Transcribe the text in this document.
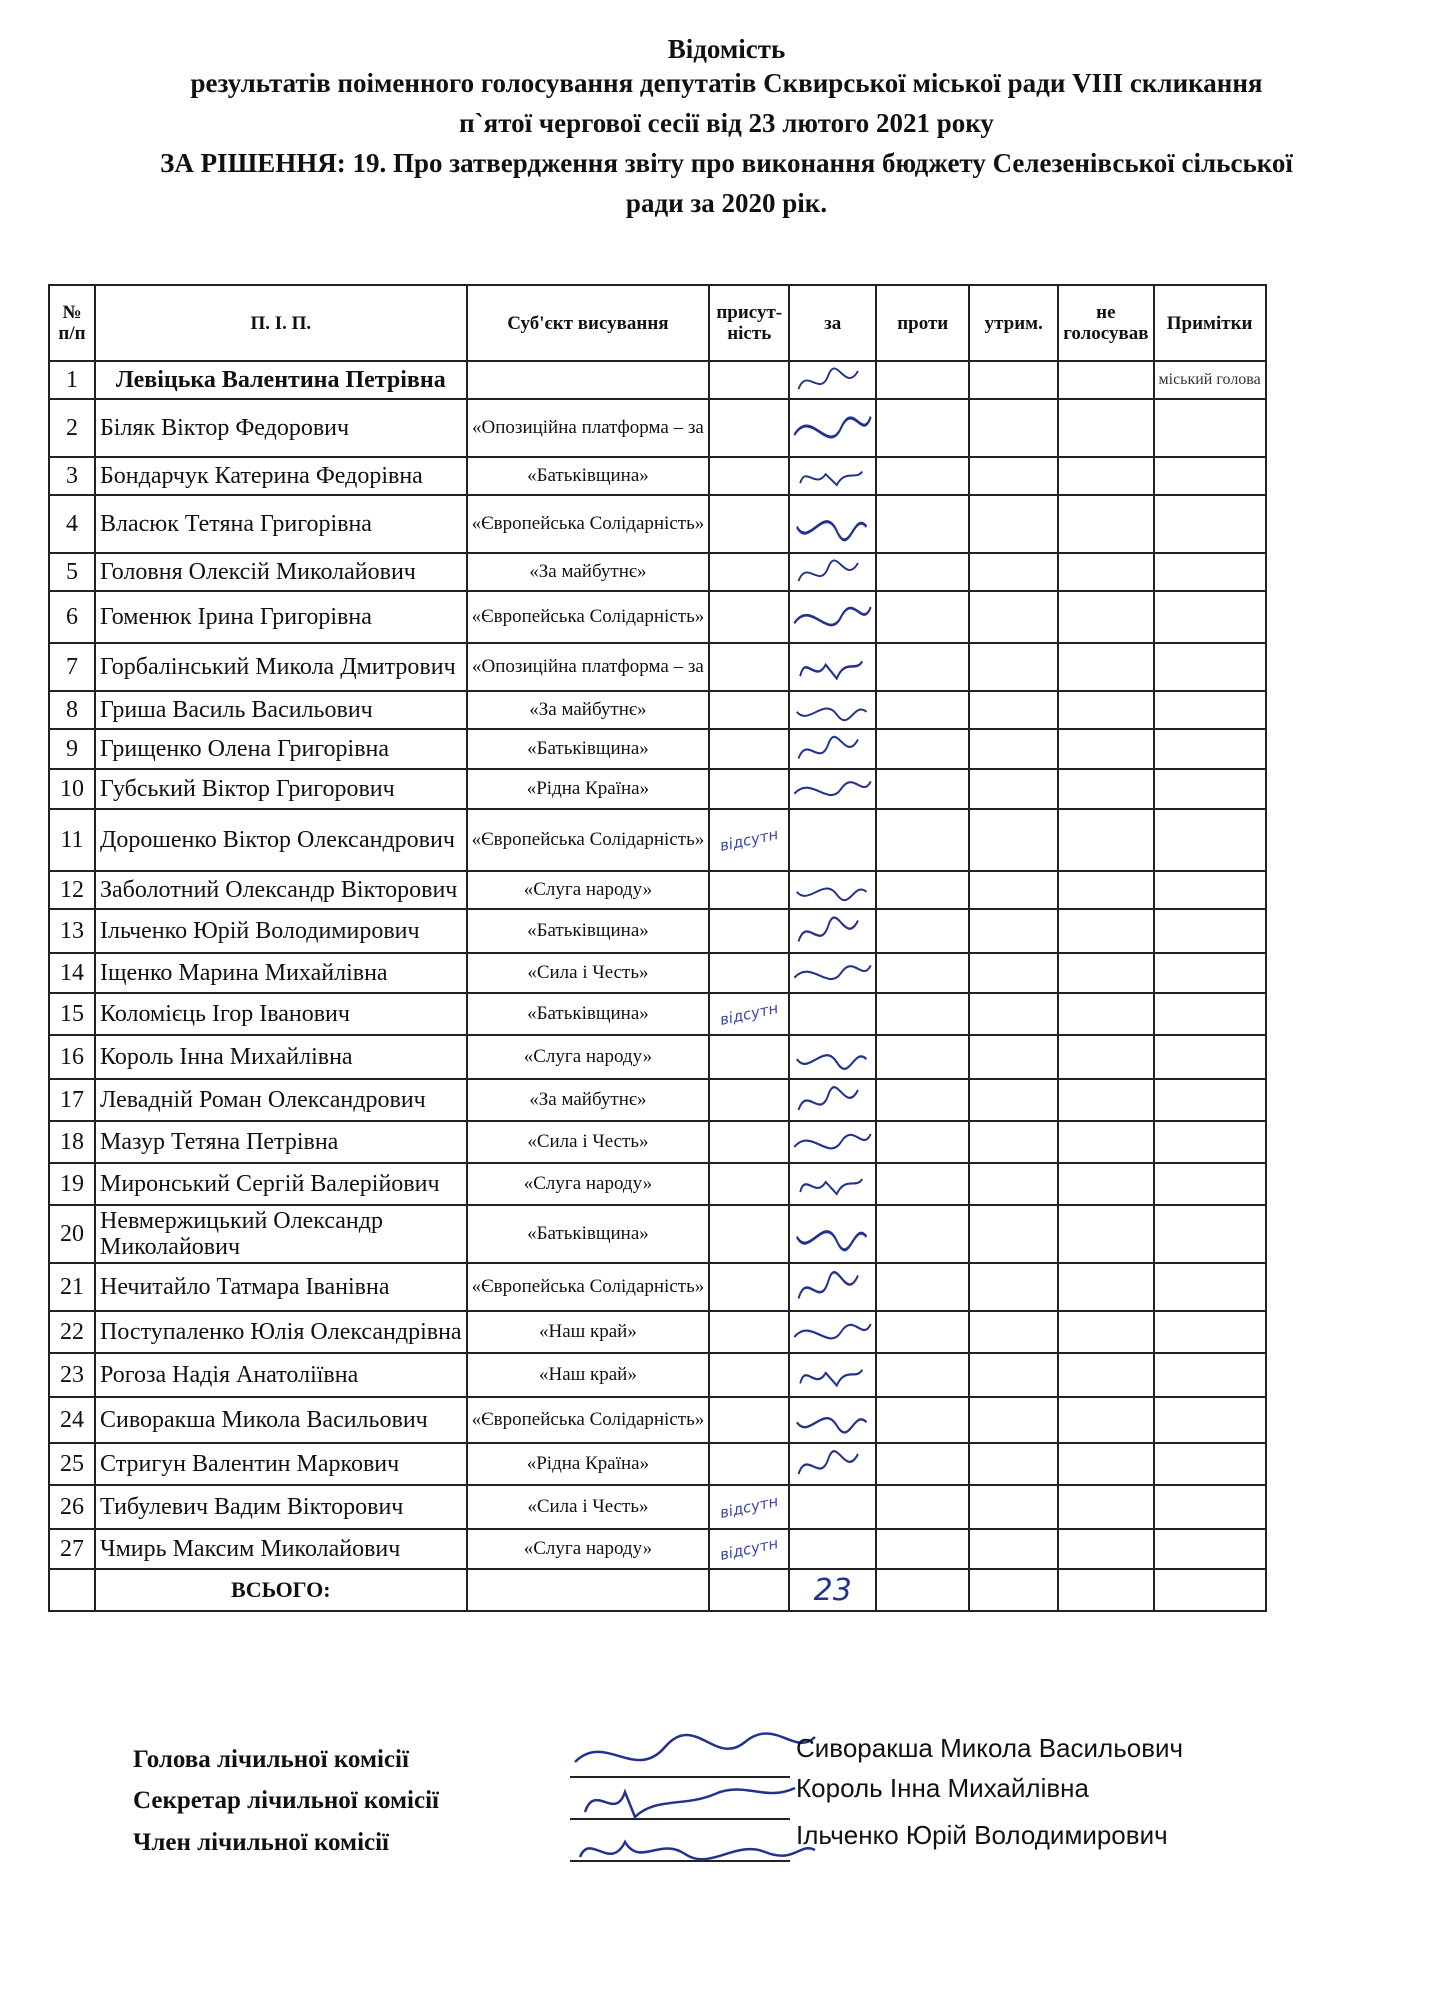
Відомість
результатів поіменного голосування депутатів Сквирської міської ради VIII скликання
п`ятої чергової сесії від 23 лютого 2021 року
ЗА РІШЕННЯ: 19. Про затвердження звіту про виконання бюджету Селезенівської сільської
ради за 2020 рік.
№ п/п	П. І. П.	Суб'єкт висування	присут-ність	за	проти	утрим.	не голосував	Примітки
1	Левіцька Валентина Петрівна							міський голова
2	Біляк Віктор Федорович	«Опозиційна платформа – за		

3	Бондарчук Катерина Федорівна	«Батьківщина»		

4	Власюк Тетяна Григорівна	«Європейська Солідарність»		

5	Головня Олексій Миколайович	«За майбутнє»		

6	Гоменюк Ірина Григорівна	«Європейська Солідарність»		

7	Горбалінський Микола Дмитрович	«Опозиційна платформа – за		

8	Гриша Василь Васильович	«За майбутнє»		

9	Грищенко Олена Григорівна	«Батьківщина»		

10	Губський Віктор Григорович	«Рідна Країна»		

11	Дорошенко Віктор Олександрович	«Європейська Солідарність»	відсутн					

12	Заболотний Олександр Вікторович	«Слуга народу»		

13	Ільченко Юрій Володимирович	«Батьківщина»		

14	Іщенко Марина Михайлівна	«Сила і Честь»		

15	Коломієць Ігор Іванович	«Батьківщина»	відсутн					

16	Король Інна Михайлівна	«Слуга народу»		

17	Левадній Роман Олександрович	«За майбутнє»		

18	Мазур Тетяна Петрівна	«Сила і Честь»		

19	Миронський Сергій Валерійович	«Слуга народу»		

20	Невмержицький Олександр Миколайович	«Батьківщина»		

21	Нечитайло Татмара Іванівна	«Європейська Солідарність»		

22	Поступаленко Юлія Олександрівна	«Наш край»		

23	Рогоза Надія Анатоліївна	«Наш край»		

24	Сиворакша Микола Васильович	«Європейська Солідарність»		

25	Стригун Валентин Маркович	«Рідна Країна»		

26	Тибулевич Вадим Вікторович	«Сила і Честь»	відсутн					

27	Чмирь Максим Миколайович	«Слуга народу»	відсутн					

	ВСЬОГО:			23				

Голова лічильної комісії
Секретар лічильної комісії
Член лічильної комісії
Сиворакша Микола Васильович
Король Інна Михайлівна
Ільченко Юрій Володимирович
